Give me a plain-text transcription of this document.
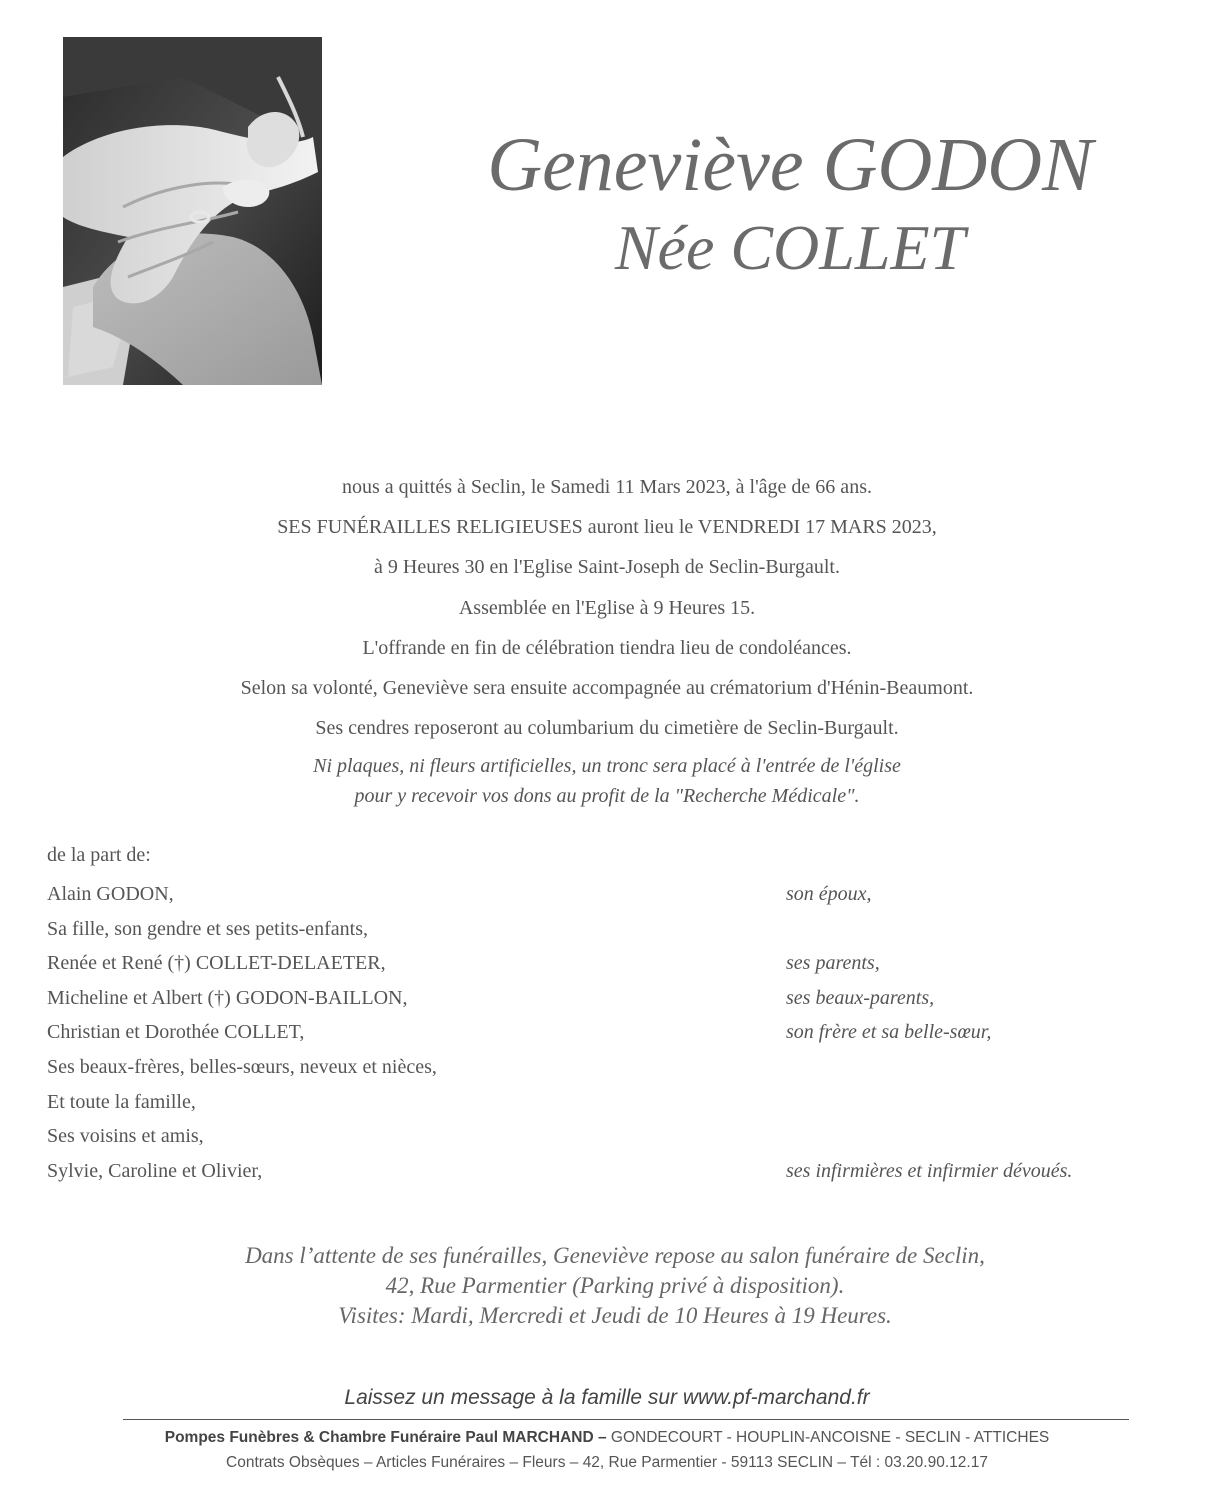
Geneviève GODON
Née COLLET
nous a quittés à Seclin, le Samedi 11 Mars 2023, à l'âge de 66 ans.
SES FUNÉRAILLES RELIGIEUSES auront lieu le VENDREDI 17 MARS 2023,
à 9 Heures 30 en l'Eglise Saint-Joseph de Seclin-Burgault.
Assemblée en l'Eglise à 9 Heures 15.
L'offrande en fin de célébration tiendra lieu de condoléances.
Selon sa volonté, Geneviève sera ensuite accompagnée au crématorium d'Hénin-Beaumont.
Ses cendres reposeront au columbarium du cimetière de Seclin-Burgault.
Ni plaques, ni fleurs artificielles, un tronc sera placé à l'entrée de l'église
pour y recevoir vos dons au profit de la "Recherche Médicale".
de la part de:
Alain GODON,	son époux,
Sa fille, son gendre et ses petits-enfants,
Renée et René (†) COLLET-DELAETER,	ses parents,
Micheline et Albert (†) GODON-BAILLON,	ses beaux-parents,
Christian et Dorothée COLLET,	son frère et sa belle-sœur,
Ses beaux-frères, belles-sœurs, neveux et nièces,
Et toute la famille,
Ses voisins et amis,
Sylvie, Caroline et Olivier,	ses infirmières et infirmier dévoués.
Dans l’attente de ses funérailles, Geneviève repose au salon funéraire de Seclin,
42, Rue Parmentier (Parking privé à disposition).
Visites: Mardi, Mercredi et Jeudi de 10 Heures à 19 Heures.
Laissez un message à la famille sur www.pf-marchand.fr
Pompes Funèbres & Chambre Funéraire Paul MARCHAND – GONDECOURT - HOUPLIN-ANCOISNE - SECLIN - ATTICHES
Contrats Obsèques – Articles Funéraires – Fleurs – 42, Rue Parmentier - 59113 SECLIN – Tél : 03.20.90.12.17
